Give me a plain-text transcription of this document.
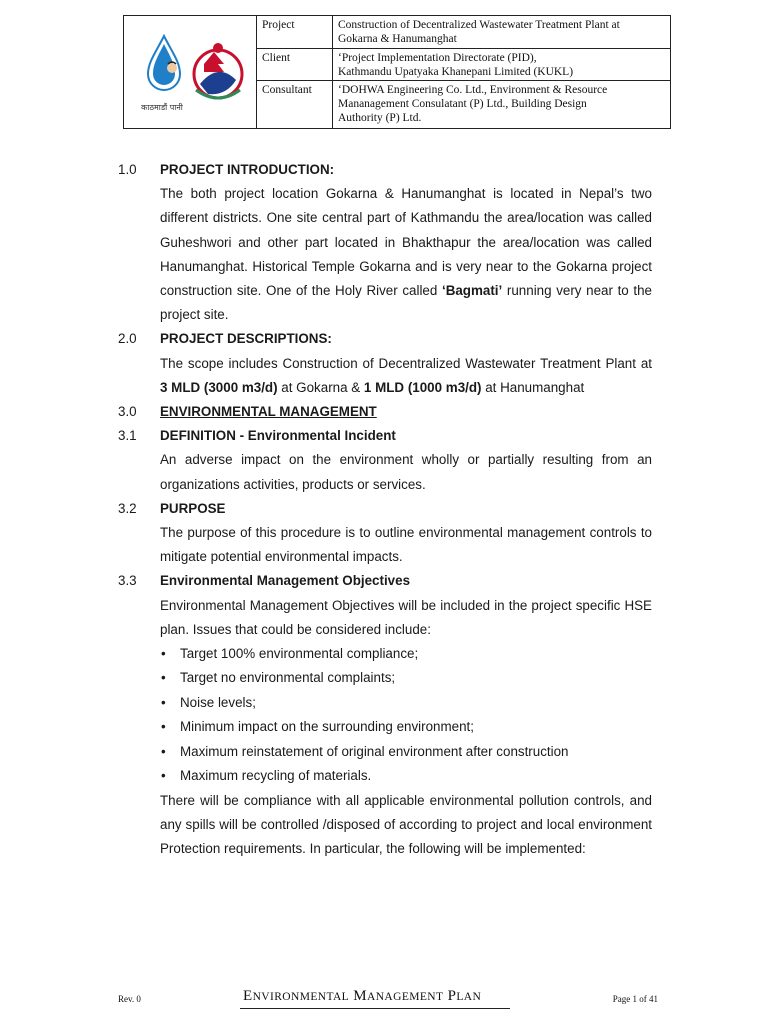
काठमाडौं पानी	Project	Construction of Decentralized Wastewater Treatment Plant at
Gokarna & Hanumanghat

	Client	‘Project Implementation Directorate (PID),
Kathmandu Upatyaka Khanepani Limited (KUKL)

	Consultant	‘DOHWA Engineering Co. Ltd., Environment & Resource
Mananagement Consulatant (P) Ltd., Building Design
Authority (P) Ltd.
1.0	PROJECT INTRODUCTION:
The both project location Gokarna & Hanumanghat is located in Nepal’s two different districts. One site central part of Kathmandu the area/location was called Guheshwori and other part located in Bhakthapur the area/location was called Hanumanghat. Historical Temple Gokarna and is very near to the Gokarna project construction site. One of the Holy River called ‘Bagmati’ running very near to the project site.
2.0	PROJECT DESCRIPTIONS:
The scope includes Construction of Decentralized Wastewater Treatment Plant at 3 MLD (3000 m3/d) at Gokarna & 1 MLD (1000 m3/d) at Hanumanghat
3.0	ENVIRONMENTAL MANAGEMENT
3.1	DEFINITION - Environmental Incident
An adverse impact on the environment wholly or partially resulting from an organizations activities, products or services.
3.2	PURPOSE
The purpose of this procedure is to outline environmental management controls to mitigate potential environmental impacts.
3.3	Environmental Management Objectives
Environmental Management Objectives will be included in the project specific HSE plan. Issues that could be considered include:
• Target 100% environmental compliance;
• Target no environmental complaints;
• Noise levels;
• Minimum impact on the surrounding environment;
• Maximum reinstatement of original environment after construction
• Maximum recycling of materials.
There will be compliance with all applicable environmental pollution controls, and any spills will be controlled /disposed of according to project and local environment Protection requirements. In particular, the following will be implemented:
Rev. 0	ENVIRONMENTAL MANAGEMENT PLAN	Page 1 of 41
